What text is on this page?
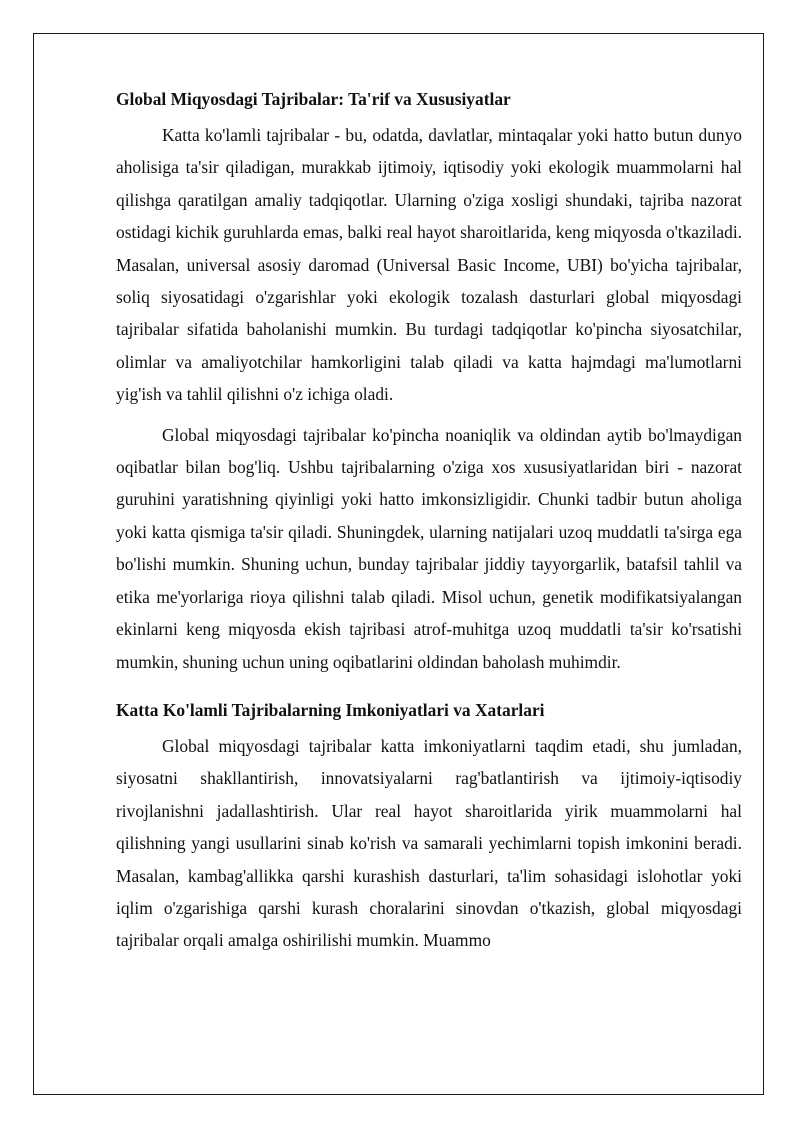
Global Miqyosdagi Tajribalar: Ta'rif va Xususiyatlar

Katta ko'lamli tajribalar - bu, odatda, davlatlar, mintaqalar yoki hatto butun dunyo aholisiga ta'sir qiladigan, murakkab ijtimoiy, iqtisodiy yoki ekologik muammolarni hal qilishga qaratilgan amaliy tadqiqotlar. Ularning o'ziga xosligi shundaki, tajriba nazorat ostidagi kichik guruhlarda emas, balki real hayot sharoitlarida, keng miqyosda o'tkaziladi. Masalan, universal asosiy daromad (Universal Basic Income, UBI) bo'yicha tajribalar, soliq siyosatidagi o'zgarishlar yoki ekologik tozalash dasturlari global miqyosdagi tajribalar sifatida baholanishi mumkin. Bu turdagi tadqiqotlar ko'pincha siyosatchilar, olimlar va amaliyotchilar hamkorligini talab qiladi va katta hajmdagi ma'lumotlarni yig'ish va tahlil qilishni o'z ichiga oladi.

Global miqyosdagi tajribalar ko'pincha noaniqlik va oldindan aytib bo'lmaydigan oqibatlar bilan bog'liq. Ushbu tajribalarning o'ziga xos xususiyatlaridan biri - nazorat guruhini yaratishning qiyinligi yoki hatto imkonsizligidir. Chunki tadbir butun aholiga yoki katta qismiga ta'sir qiladi. Shuningdek, ularning natijalari uzoq muddatli ta'sirga ega bo'lishi mumkin. Shuning uchun, bunday tajribalar jiddiy tayyorgarlik, batafsil tahlil va etika me'yorlariga rioya qilishni talab qiladi. Misol uchun, genetik modifikatsiyalangan ekinlarni keng miqyosda ekish tajribasi atrof-muhitga uzoq muddatli ta'sir ko'rsatishi mumkin, shuning uchun uning oqibatlarini oldindan baholash muhimdir.

Katta Ko'lamli Tajribalarning Imkoniyatlari va Xatarlari

Global miqyosdagi tajribalar katta imkoniyatlarni taqdim etadi, shu jumladan, siyosatni shakllantirish, innovatsiyalarni rag'batlantirish va ijtimoiy-iqtisodiy rivojlanishni jadallashtirish. Ular real hayot sharoitlarida yirik muammolarni hal qilishning yangi usullarini sinab ko'rish va samarali yechimlarni topish imkonini beradi. Masalan, kambag'allikka qarshi kurashish dasturlari, ta'lim sohasidagi islohotlar yoki iqlim o'zgarishiga qarshi kurash choralarini sinovdan o'tkazish, global miqyosdagi tajribalar orqali amalga oshirilishi mumkin. Muammo
